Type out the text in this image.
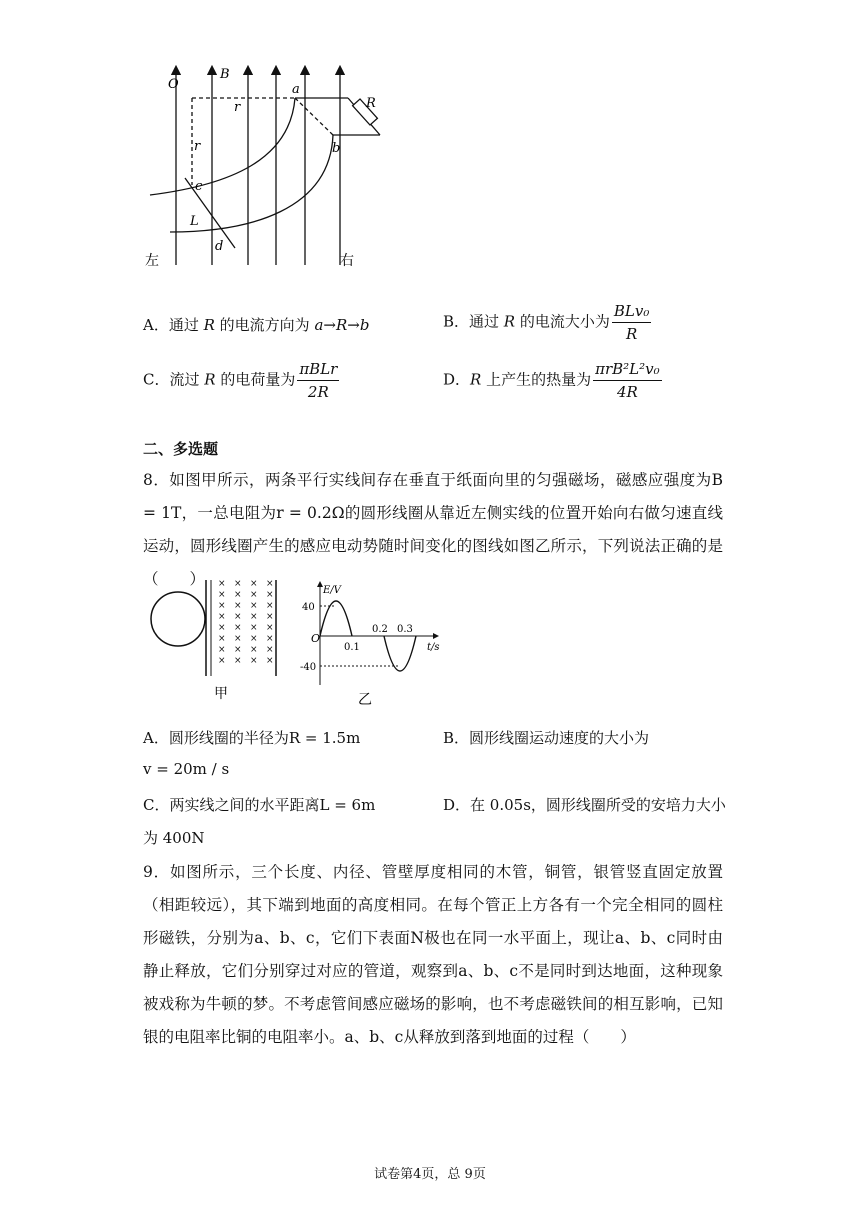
O
B
r
a
R
b
r
c
L
d
左	右
A．通过 R 的电流方向为 a→R→b	B．通过 R 的电流大小为 $\frac{\text{BLv₀}}{R}$
C．流过 R 的电荷量为 $\frac{\text{πBLr}}{2R}$	D．R 上产生的热量为 $\frac{\text{πrB²L²v₀}}{4R}$
二、多选题
8．如图甲所示，两条平行实线间存在垂直于纸面向里的匀强磁场，磁感应强度为B = 1T，一总电阻为r = 0.2Ω的圆形线圈从靠近左侧实线的位置开始向右做匀速直线运动，圆形线圈产生的感应电动势随时间变化的图线如图乙所示，下列说法正确的是（　　）	×
×
×
×
×
×
×
×
×
×
×
×
×
×
×
×
×
×
×
×
×
×
×
×
×
×
×
×
×
×
×
×
甲
E/V
40
-40
O
0.1
0.2 0.3
t/s
乙
A．圆形线圈的半径为R = 1.5m	B．圆形线圈运动速度的大小为
v = 20m / s
C．两实线之间的水平距离L = 6m	D．在 0.05s，圆形线圈所受的安培力大小
为 400N
9．如图所示，三个长度、内径、管壁厚度相同的木管，铜管，银管竖直固定放置（相距较远），其下端到地面的高度相同。在每个管正上方各有一个完全相同的圆柱形磁铁，分别为a、b、c，它们下表面N极也在同一水平面上，现让a、b、c同时由静止释放，它们分别穿过对应的管道，观察到a、b、c不是同时到达地面，这种现象被戏称为牛顿的梦。不考虑管间感应磁场的影响，也不考虑磁铁间的相互影响，已知银的电阻率比铜的电阻率小。a、b、c从释放到落到地面的过程（　　）
试卷第4页，总 9页
